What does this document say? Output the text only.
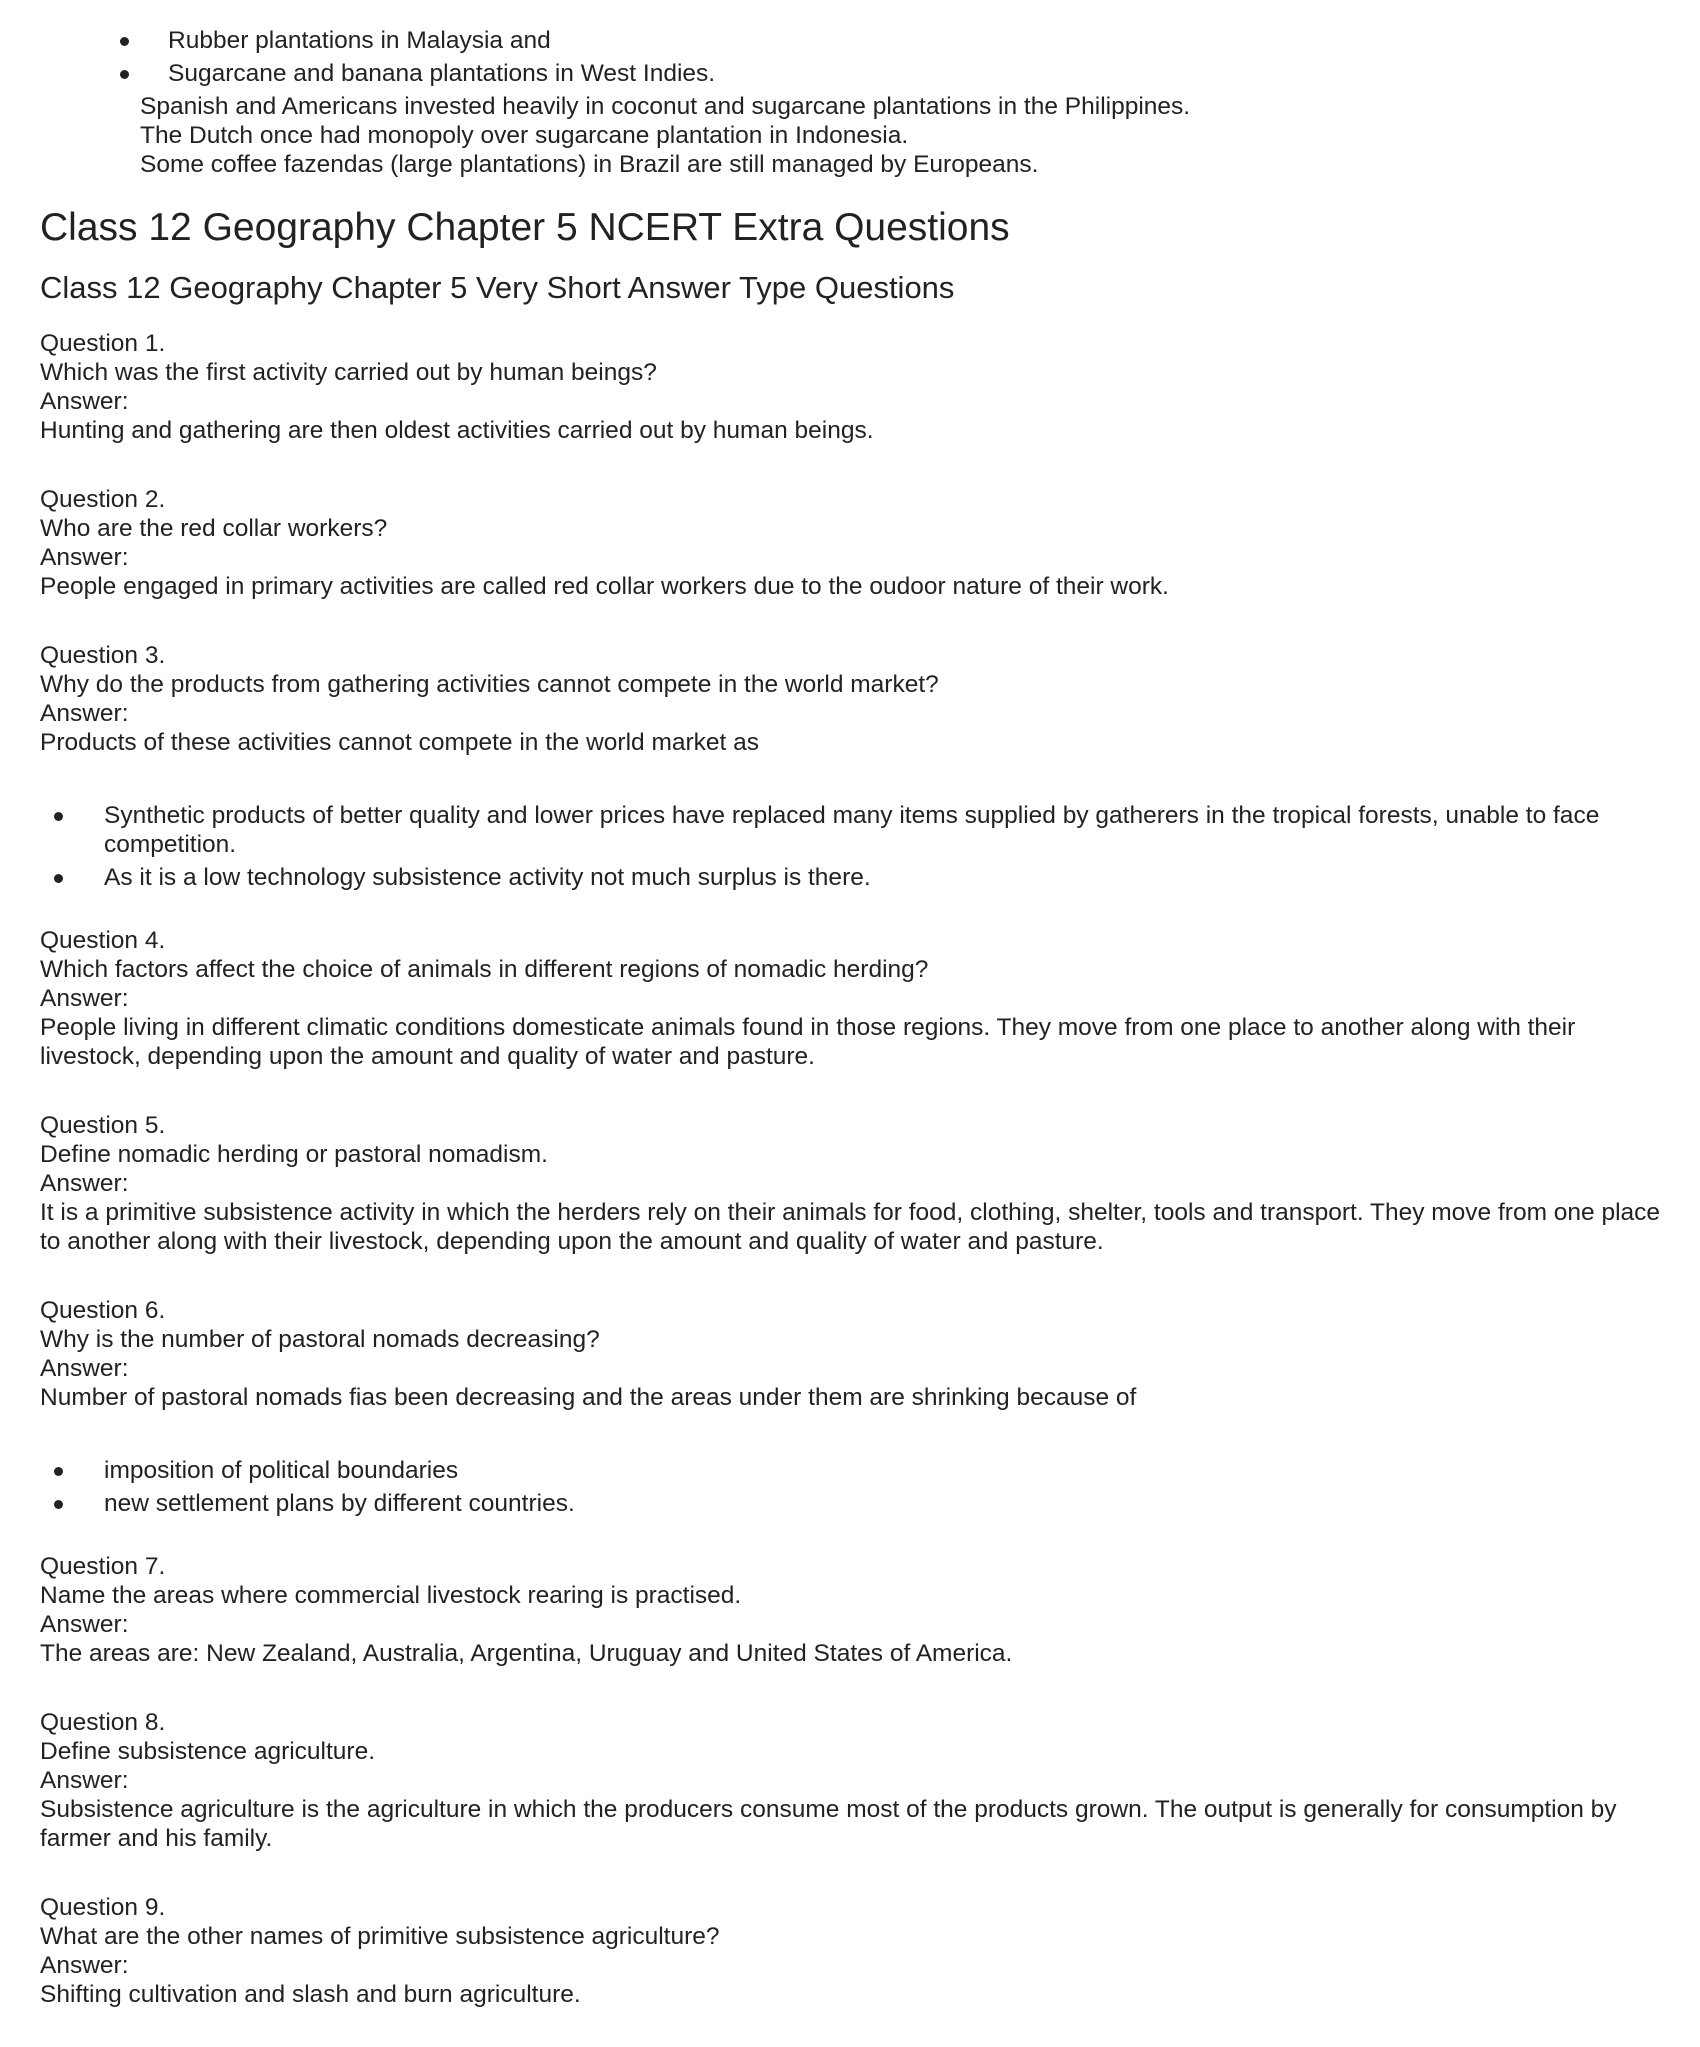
Rubber plantations in Malaysia and
Sugarcane and banana plantations in West Indies.
Spanish and Americans invested heavily in coconut and sugarcane plantations in the Philippines.
The Dutch once had monopoly over sugarcane plantation in Indonesia.
Some coffee fazendas (large plantations) in Brazil are still managed by Europeans.
Class 12 Geography Chapter 5 NCERT Extra Questions
Class 12 Geography Chapter 5 Very Short Answer Type Questions
Question 1.
Which was the first activity carried out by human beings?
Answer:
Hunting and gathering are then oldest activities carried out by human beings.
Question 2.
Who are the red collar workers?
Answer:
People engaged in primary activities are called red collar workers due to the oudoor nature of their work.
Question 3.
Why do the products from gathering activities cannot compete in the world market?
Answer:
Products of these activities cannot compete in the world market as
Synthetic products of better quality and lower prices have replaced many items supplied by gatherers in the tropical forests, unable to face competition.
As it is a low technology subsistence activity not much surplus is there.
Question 4.
Which factors affect the choice of animals in different regions of nomadic herding?
Answer:
People living in different climatic conditions domesticate animals found in those regions. They move from one place to another along with their livestock, depending upon the amount and quality of water and pasture.
Question 5.
Define nomadic herding or pastoral nomadism.
Answer:
It is a primitive subsistence activity in which the herders rely on their animals for food, clothing, shelter, tools and transport. They move from one place to another along with their livestock, depending upon the amount and quality of water and pasture.
Question 6.
Why is the number of pastoral nomads decreasing?
Answer:
Number of pastoral nomads fias been decreasing and the areas under them are shrinking because of
imposition of political boundaries
new settlement plans by different countries.
Question 7.
Name the areas where commercial livestock rearing is practised.
Answer:
The areas are: New Zealand, Australia, Argentina, Uruguay and United States of America.
Question 8.
Define subsistence agriculture.
Answer:
Subsistence agriculture is the agriculture in which the producers consume most of the products grown. The output is generally for consumption by farmer and his family.
Question 9.
What are the other names of primitive subsistence agriculture?
Answer:
Shifting cultivation and slash and burn agriculture.
